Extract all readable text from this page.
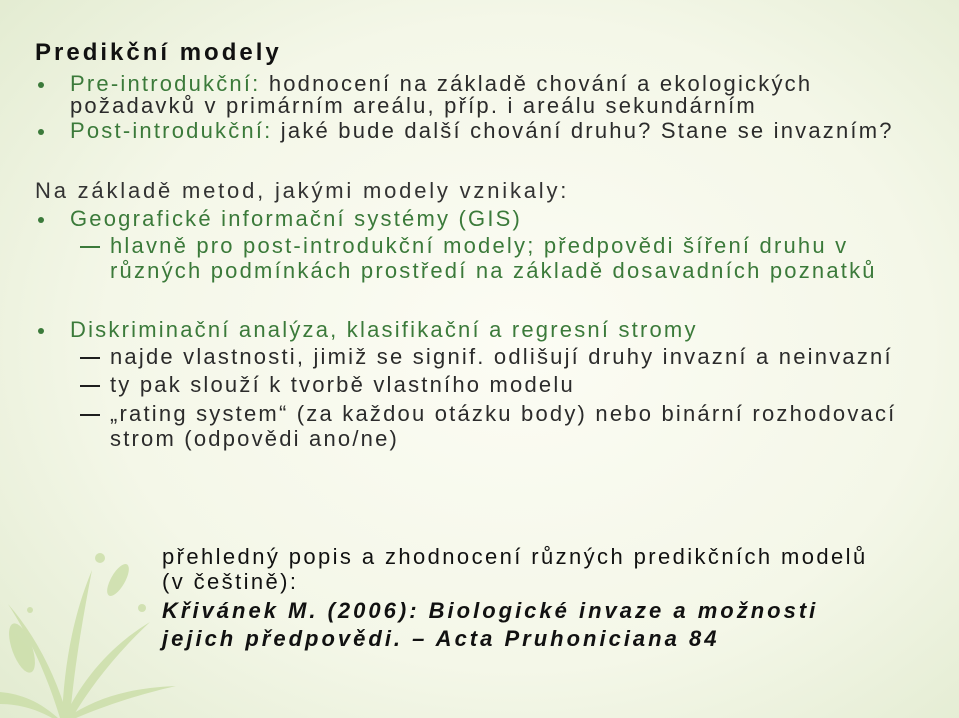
Predikční modely
Pre-introdukční: hodnocení na základě chování a ekologických
požadavků v primárním areálu, příp. i areálu sekundárním
Post-introdukční: jaké bude další chování druhu? Stane se invazním?
Na základě metod, jakými modely vznikaly:
Geografické informační systémy (GIS)
hlavně pro post-introdukční modely; předpovědi šíření druhu v
různých podmínkách prostředí na základě dosavadních poznatků
Diskriminační analýza, klasifikační a regresní stromy
najde vlastnosti, jimiž se signif. odlišují druhy invazní a neinvazní
ty pak slouží k tvorbě vlastního modelu
„rating system“ (za každou otázku body) nebo binární rozhodovací
strom (odpovědi ano/ne)
přehledný popis a zhodnocení různých predikčních modelů
(v češtině):
Křivánek M. (2006): Biologické invaze a možnosti
jejich předpovědi. – Acta Pruhoniciana 84
